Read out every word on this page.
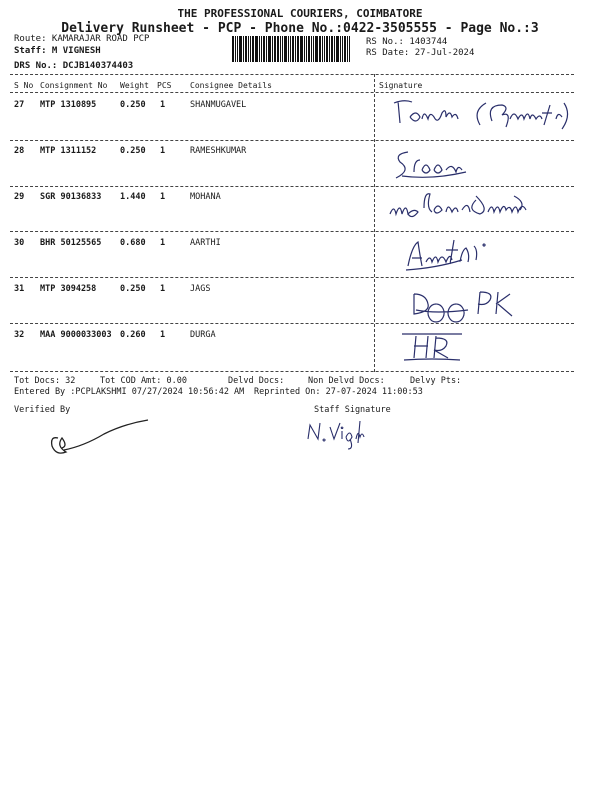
THE PROFESSIONAL COURIERS, COIMBATORE
Delivery Runsheet - PCP - Phone No.:0422-3505555 - Page No.:3
Route: KAMARAJAR ROAD PCP
Staff: M VIGNESH
DRS No.: DCJB140374403
RS No.: 1403744
RS Date: 27-Jul-2024
S No Consignment No Weight PCS Consignee Details	Signature
27 MTP 1310895	0.250 1	SHANMUGAVEL
28 MTP 1311152	0.250 1	RAMESHKUMAR
29 SGR 90136833 1.440 1	MOHANA
30 BHR 50125565 0.680 1	AARTHI
31 MTP 3094258	0.250 1	JAGS
32 MAA 9000033003 0.260 1	DURGA
Tot Docs: 32	Tot COD Amt: 0.00	Delvd Docs:	Non Delvd Docs:	Delvy Pts:
Entered By :PCPLAKSHMI 07/27/2024 10:56:42 AM Reprinted On: 27-07-2024 11:00:53
Verified By	Staff Signature
